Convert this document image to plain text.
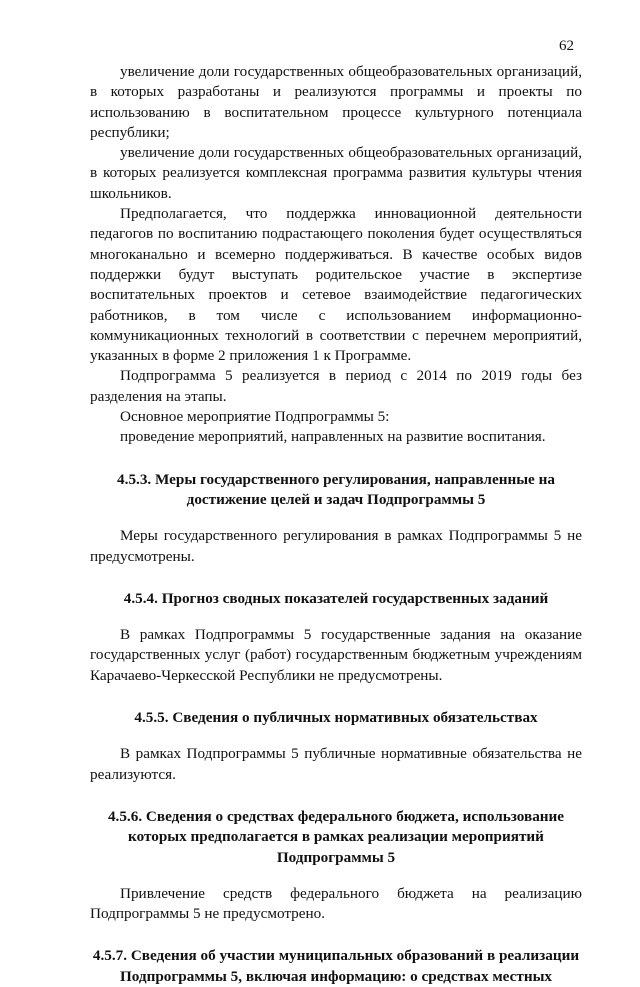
62

увеличение доли государственных общеобразовательных организаций, в которых разработаны и реализуются программы и проекты по использованию в воспитательном процессе культурного потенциала республики;

увеличение доли государственных общеобразовательных организаций, в которых реализуется комплексная программа развития культуры чтения школьников.

Предполагается, что поддержка инновационной деятельности педагогов по воспитанию подрастающего поколения будет осуществляться многоканально и всемерно поддерживаться. В качестве особых видов поддержки будут выступать родительское участие в экспертизе воспитательных проектов и сетевое взаимодействие педагогических работников, в том числе с использованием информационно-коммуникационных технологий в соответствии с перечнем мероприятий, указанных в форме 2 приложения 1 к Программе.

Подпрограмма 5 реализуется в период с 2014 по 2019 годы без разделения на этапы.

Основное мероприятие Подпрограммы 5:

проведение мероприятий, направленных на развитие воспитания.

4.5.3. Меры государственного регулирования, направленные на достижение целей и задач Подпрограммы 5

Меры государственного регулирования в рамках Подпрограммы 5 не предусмотрены.

4.5.4. Прогноз сводных показателей государственных заданий

В рамках Подпрограммы 5 государственные задания на оказание государственных услуг (работ) государственным бюджетным учреждениям Карачаево-Черкесской Республики не предусмотрены.

4.5.5. Сведения о публичных нормативных обязательствах

В рамках Подпрограммы 5 публичные нормативные обязательства не реализуются.

4.5.6. Сведения о средствах федерального бюджета, использование которых предполагается в рамках реализации мероприятий Подпрограммы 5

Привлечение средств федерального бюджета на реализацию Подпрограммы 5 не предусмотрено.

4.5.7. Сведения об участии муниципальных образований в реализации Подпрограммы 5, включая информацию: о средствах местных
